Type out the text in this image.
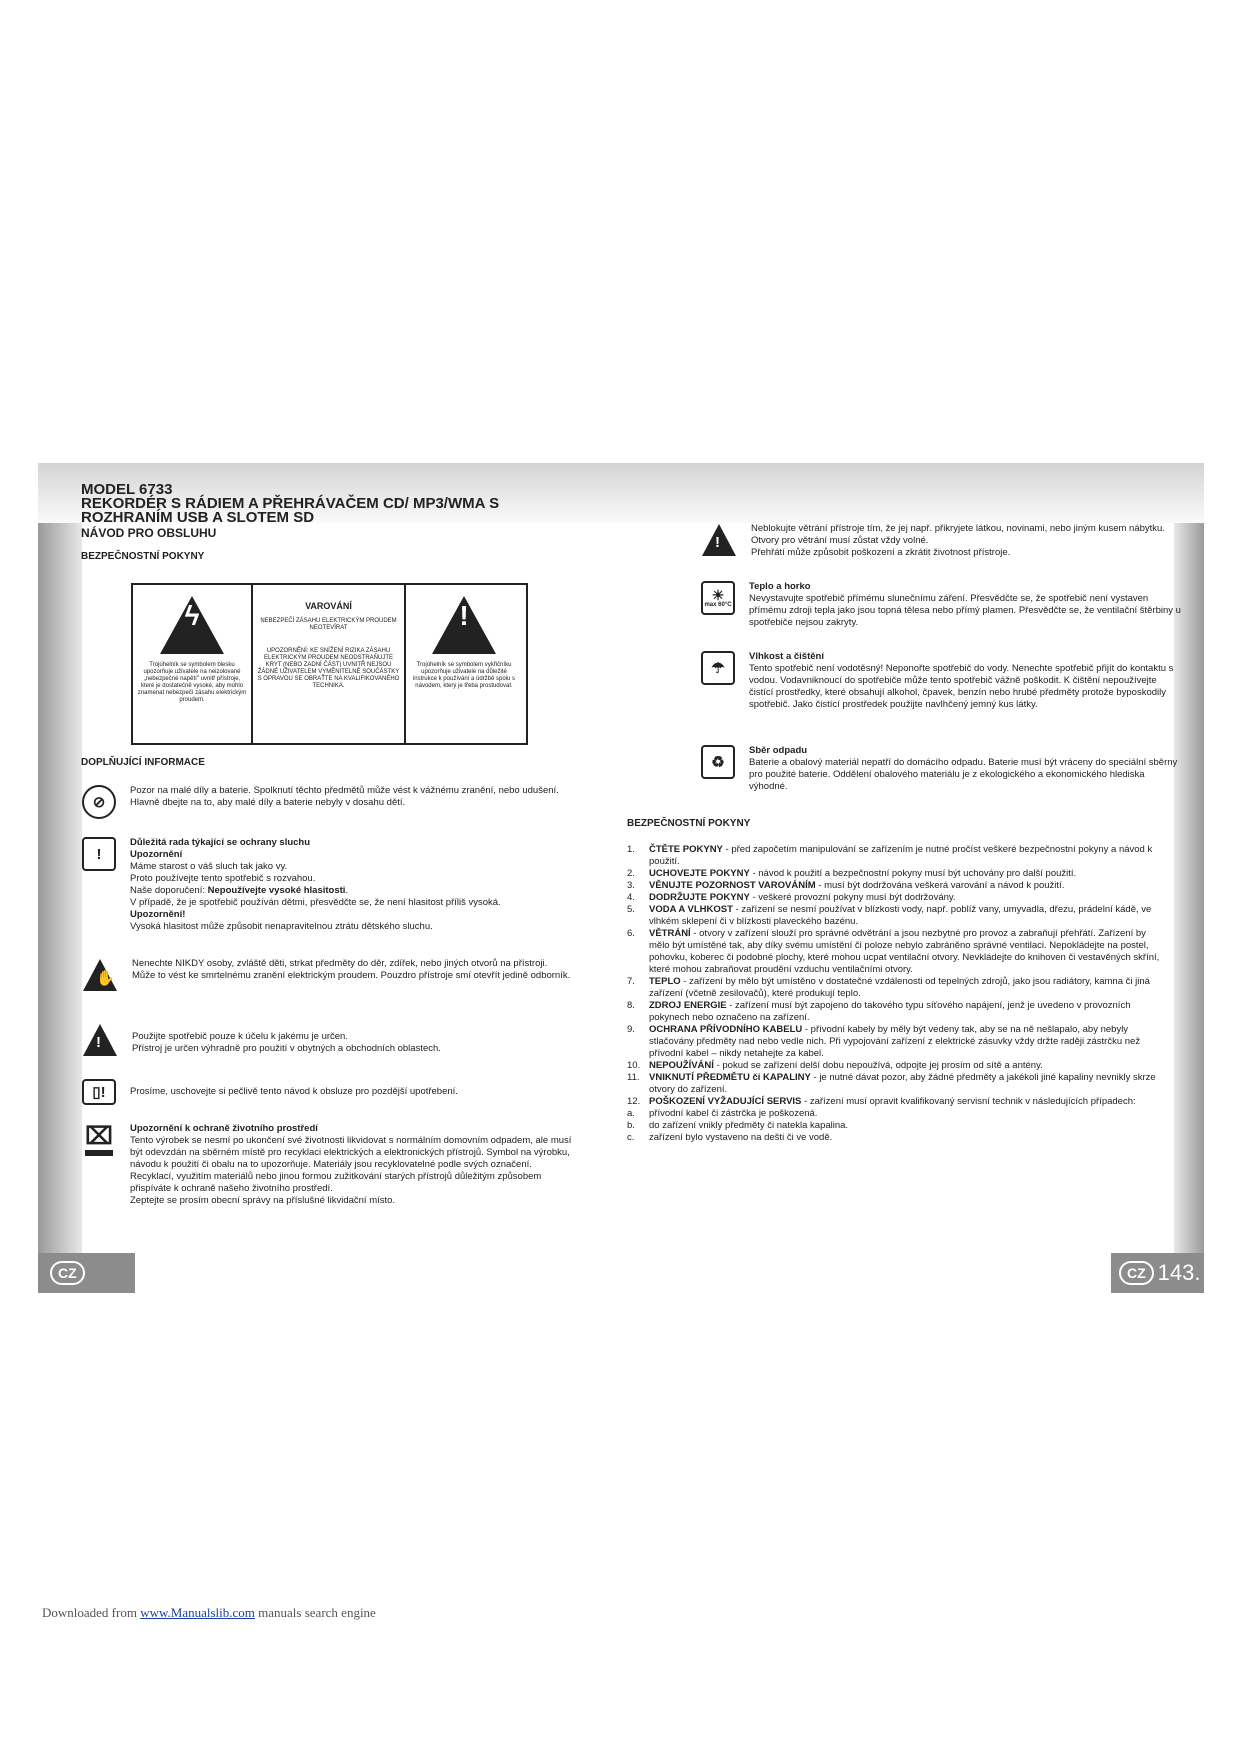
MODEL 6733
REKORDÉR S RÁDIEM A PŘEHRÁVAČEM CD/ MP3/WMA S
ROZHRANÍM USB A SLOTEM SD
NÁVOD PRO OBSLUHU
BEZPEČNOSTNÍ POKYNY
ϟ
Trojúhelník se symbolem blesku upozorňuje uživatele na neizolované „nebezpečné napětí" uvnitř přístroje, které je dostatečně vysoké, aby mohlo znamenat nebezpečí zásahu elektrickým proudem.
VAROVÁNÍ
NEBEZPEČÍ ZÁSAHU ELEKTRICKÝM PROUDEM NEOTEVÍRAT
UPOZORNĚNÍ: KE SNÍŽENÍ RIZIKA ZÁSAHU ELEKTRICKÝM PROUDEM NEODSTRAŇUJTE KRYT (NEBO ZADNÍ ČÁST) UVNITŘ NEJSOU ŽÁDNÉ UŽIVATELEM VYMĚNITELNÉ SOUČÁSTKY S OPRAVOU SE OBRAŤTE NA KVALIFIKOVANÉHO TECHNIKA.
!
Trojúhelník se symbolem vykřičníku upozorňuje uživatele na důležité instrukce k používání a údržbě spolu s návodem, který je třeba prostudovat.
DOPLŇUJÍCÍ INFORMACE
⊘

Pozor na malé díly a baterie. Spolknutí těchto předmětů může vést k vážnému zranění, nebo udušení.

Hlavně dbejte na to, aby malé díly a baterie nebyly v dosahu dětí.

!

Důležitá rada týkající se ochrany sluchu

Upozornění

Máme starost o váš sluch tak jako vy.

Proto používejte tento spotřebič s rozvahou.

Naše doporučení: Nepoužívejte vysoké hlasitosti.

V případě, že je spotřebič používán dětmi, přesvědčte se, že není hlasitost příliš vysoká.

Upozornění!

Vysoká hlasitost může způsobit nenapravitelnou ztrátu dětského sluchu.

✋

Nenechte NIKDY osoby, zvláště děti, strkat předměty do děr, zdířek, nebo jiných otvorů na přístroji.

Může to vést ke smrtelnému zranění elektrickým proudem. Pouzdro přístroje smí otevřít jedině odborník.

!	Použijte spotřebič pouze k účelu k jakému je určen.

Přístroj je určen výhradně pro použití v obytných a obchodních oblastech.

▯!	Prosíme, uschovejte si pečlivě tento návod k obsluze pro pozdější upotřebení.

⌧ Upozornění k ochraně životního prostředí

Tento výrobek se nesmí po ukončení své životnosti likvidovat s normálním domovním odpadem, ale musí být odevzdán na sběrném místě pro recyklaci elektrických a elektronických přístrojů. Symbol na výrobku, návodu k použití či obalu na to upozorňuje. Materiály jsou recyklovatelné podle svých označení. Recyklací, využitím materiálů nebo jinou formou zužitkování starých přístrojů důležitým způsobem přispíváte k ochraně našeho životního prostředí.

Zeptejte se prosím obecní správy na příslušné likvidační místo.

CZ
!

Neblokujte větrání přístroje tím, že jej např. přikryjete látkou, novinami, nebo jiným kusem nábytku. Otvory pro větrání musí zůstat vždy volné.

Přehřátí může způsobit poškození a zkrátit životnost přístroje.

☀
max 60°C

Teplo a horko

Nevystavujte spotřebič přímému slunečnímu záření. Přesvědčte se, že spotřebič není vystaven přímému zdroji tepla jako jsou topná tělesa nebo přímý plamen. Přesvědčte se, že ventilační štěrbiny u spotřebiče nejsou zakryty.

☂

Vlhkost a čištění

Tento spotřebič není vodotěsný! Neponořte spotřebič do vody. Nenechte spotřebič přijít do kontaktu s vodou. Vodavniknoucí do spotřebiče může tento spotřebič vážně poškodit. K čištění nepoužívejte čistící prostředky, které obsahují alkohol, čpavek, benzín nebo hrubé předměty protože byposkodily spotřebič. Jako čistící prostředek použijte navlhčený jemný kus látky.

♻

Sběr odpadu

Baterie a obalový materiál nepatří do domácího odpadu. Baterie musí být vráceny do speciální sběrny pro použité baterie. Oddělení obalového materiálu je z ekologického a ekonomického hlediska výhodné.

BEZPEČNOSTNÍ POKYNY
1.	ČTĚTE POKYNY - před započetím manipulování se zařízením je nutné pročíst veškeré bezpečnostní pokyny a návod k použití.
2.	UCHOVEJTE POKYNY - návod k použití a bezpečnostní pokyny musí být uchovány pro další použití.
3.	VĚNUJTE POZORNOST VAROVÁNÍM - musí být dodržována veškerá varování a návod k použití.
4.	DODRŽUJTE POKYNY - veškeré provozní pokyny musí být dodržovány.
5.	VODA A VLHKOST - zařízení se nesmí používat v blízkosti vody, např. poblíž vany, umyvadla, dřezu, prádelní kádě, ve vlhkém sklepení či v blízkosti plaveckého bazénu.
6.	VĚTRÁNÍ - otvory v zařízení slouží pro správné odvětrání a jsou nezbytné pro provoz a zabraňují přehřátí. Zařízení by mělo být umístěné tak, aby díky svému umístění či poloze nebylo zabráněno správné ventilaci. Nepokládejte na postel, pohovku, koberec či podobné plochy, které mohou ucpat ventilační otvory. Nevkládejte do knihoven či vestavěných skříní, které mohou zabraňovat proudění vzduchu ventilačními otvory.
7.	TEPLO - zařízení by mělo být umístěno v dostatečné vzdálenosti od tepelných zdrojů, jako jsou radiátory, kamna či jiná zařízení (včetně zesilovačů), které produkují teplo.
8.	ZDROJ ENERGIE - zařízení musí být zapojeno do takového typu síťového napájení, jenž je uvedeno v provozních pokynech nebo označeno na zařízení.
9.	OCHRANA PŘÍVODNÍHO KABELU - přívodní kabely by měly být vedeny tak, aby se na ně nešlapalo, aby nebyly stlačovány předměty nad nebo vedle nich. Při vypojování zařízení z elektrické zásuvky vždy držte raději zástrčku než přívodní kabel – nikdy netahejte za kabel.
10. NEPOUŽÍVÁNÍ - pokud se zařízení delší dobu nepoužívá, odpojte jej prosím od sítě a antény.
11. VNIKNUTÍ PŘEDMĚTU či KAPALINY - je nutné dávat pozor, aby žádné předměty a jakékoli jiné kapaliny nevnikly skrze otvory do zařízení.
12. POŠKOZENÍ VYŽADUJÍCÍ SERVIS - zařízení musí opravit kvalifikovaný servisní technik v následujících případech:
a.	přívodní kabel či zástrčka je poškozená.
b.	do zařízení vnikly předměty či natekla kapalina.
c.	zařízení bylo vystaveno na dešti či ve vodě.
CZ 143.
Downloaded from www.Manualslib.com manuals search engine
